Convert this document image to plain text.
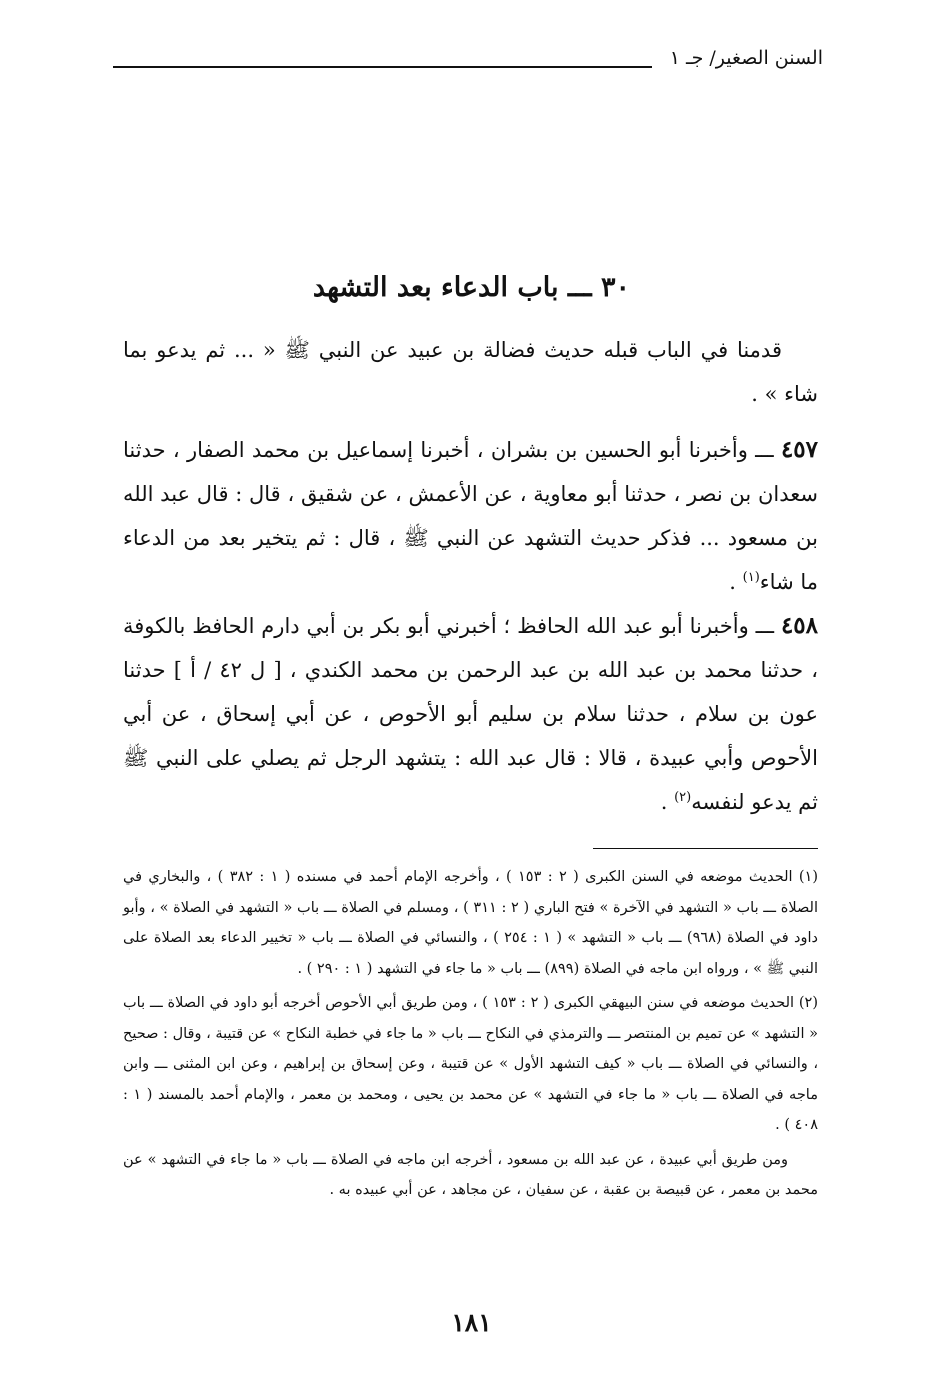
السنن الصغير/ جـ ١
٣٠ ـــ باب الدعاء بعد التشهد

قدمنا في الباب قبله حديث فضالة بن عبيد عن النبي ﷺ « ... ثم يدعو بما شاء » .

٤٥٧ ـــ وأخبرنا أبو الحسين بن بشران ، أخبرنا إسماعيل بن محمد الصفار ، حدثنا سعدان بن نصر ، حدثنا أبو معاوية ، عن الأعمش ، عن شقيق ، قال : قال عبد الله بن مسعود ... فذكر حديث التشهد عن النبي ﷺ ، قال : ثم يتخير بعد من الدعاء ما شاء$^{(١)}$ .

٤٥٨ ـــ وأخبرنا أبو عبد الله الحافظ ؛ أخبرني أبو بكر بن أبي دارم الحافظ بالكوفة ، حدثنا محمد بن عبد الله بن عبد الرحمن بن محمد الكندي ، [ ل ٤٢ / أ ] حدثنا عون بن سلام ، حدثنا سلام بن سليم أبو الأحوص ، عن أبي إسحاق ، عن أبي الأحوص وأبي عبيدة ، قالا : قال عبد الله : يتشهد الرجل ثم يصلي على النبي ﷺ ثم يدعو لنفسه$^{(٢)}$ .

(١) الحديث موضعه في السنن الكبرى ( ٢ : ١٥٣ ) ، وأخرجه الإمام أحمد في مسنده ( ١ : ٣٨٢ ) ، والبخاري في الصلاة ـــ باب « التشهد في الآخرة » فتح الباري ( ٢ : ٣١١ ) ، ومسلم في الصلاة ـــ باب « التشهد في الصلاة » ، وأبو داود في الصلاة (٩٦٨) ـــ باب « التشهد » ( ١ : ٢٥٤ ) ، والنسائي في الصلاة ـــ باب « تخيير الدعاء بعد الصلاة على النبي ﷺ » ، ورواه ابن ماجه في الصلاة (٨٩٩) ـــ باب « ما جاء في التشهد ( ١ : ٢٩٠ ) .

(٢) الحديث موضعه في سنن البيهقي الكبرى ( ٢ : ١٥٣ ) ، ومن طريق أبي الأحوص أخرجه أبو داود في الصلاة ـــ باب « التشهد » عن تميم بن المنتصر ـــ والترمذي في النكاح ـــ باب « ما جاء في خطبة النكاح » عن قتيبة ، وقال : صحيح ، والنسائي في الصلاة ـــ باب « كيف التشهد الأول » عن قتيبة ، وعن إسحاق بن إبراهيم ، وعن ابن المثنى ـــ وابن ماجه في الصلاة ـــ باب « ما جاء في التشهد » عن محمد بن يحيى ، ومحمد بن معمر ، والإمام أحمد بالمسند ( ١ : ٤٠٨ ) .

ومن طريق أبي عبيدة ، عن عبد الله بن مسعود ، أخرجه ابن ماجه في الصلاة ـــ باب « ما جاء في التشهد » عن محمد بن معمر ، عن قبيصة بن عقبة ، عن سفيان ، عن مجاهد ، عن أبي عبيده به .

١٨١
